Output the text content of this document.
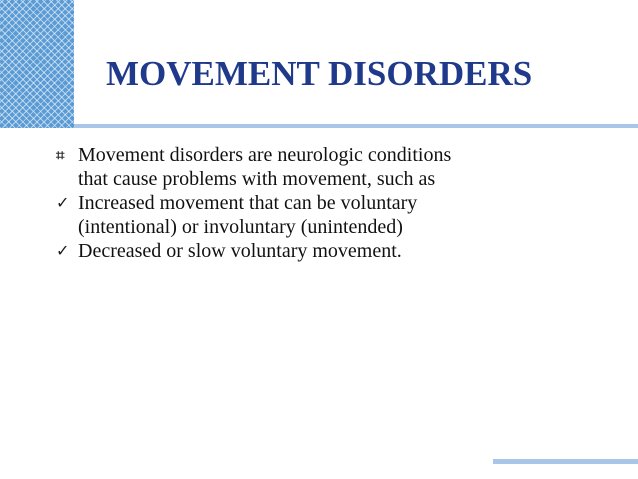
MOVEMENT DISORDERS
⌗ Movement disorders are neurologic conditions
that cause problems with movement, such as
✓ Increased movement that can be voluntary
(intentional) or involuntary (unintended)
✓ Decreased or slow voluntary movement.
